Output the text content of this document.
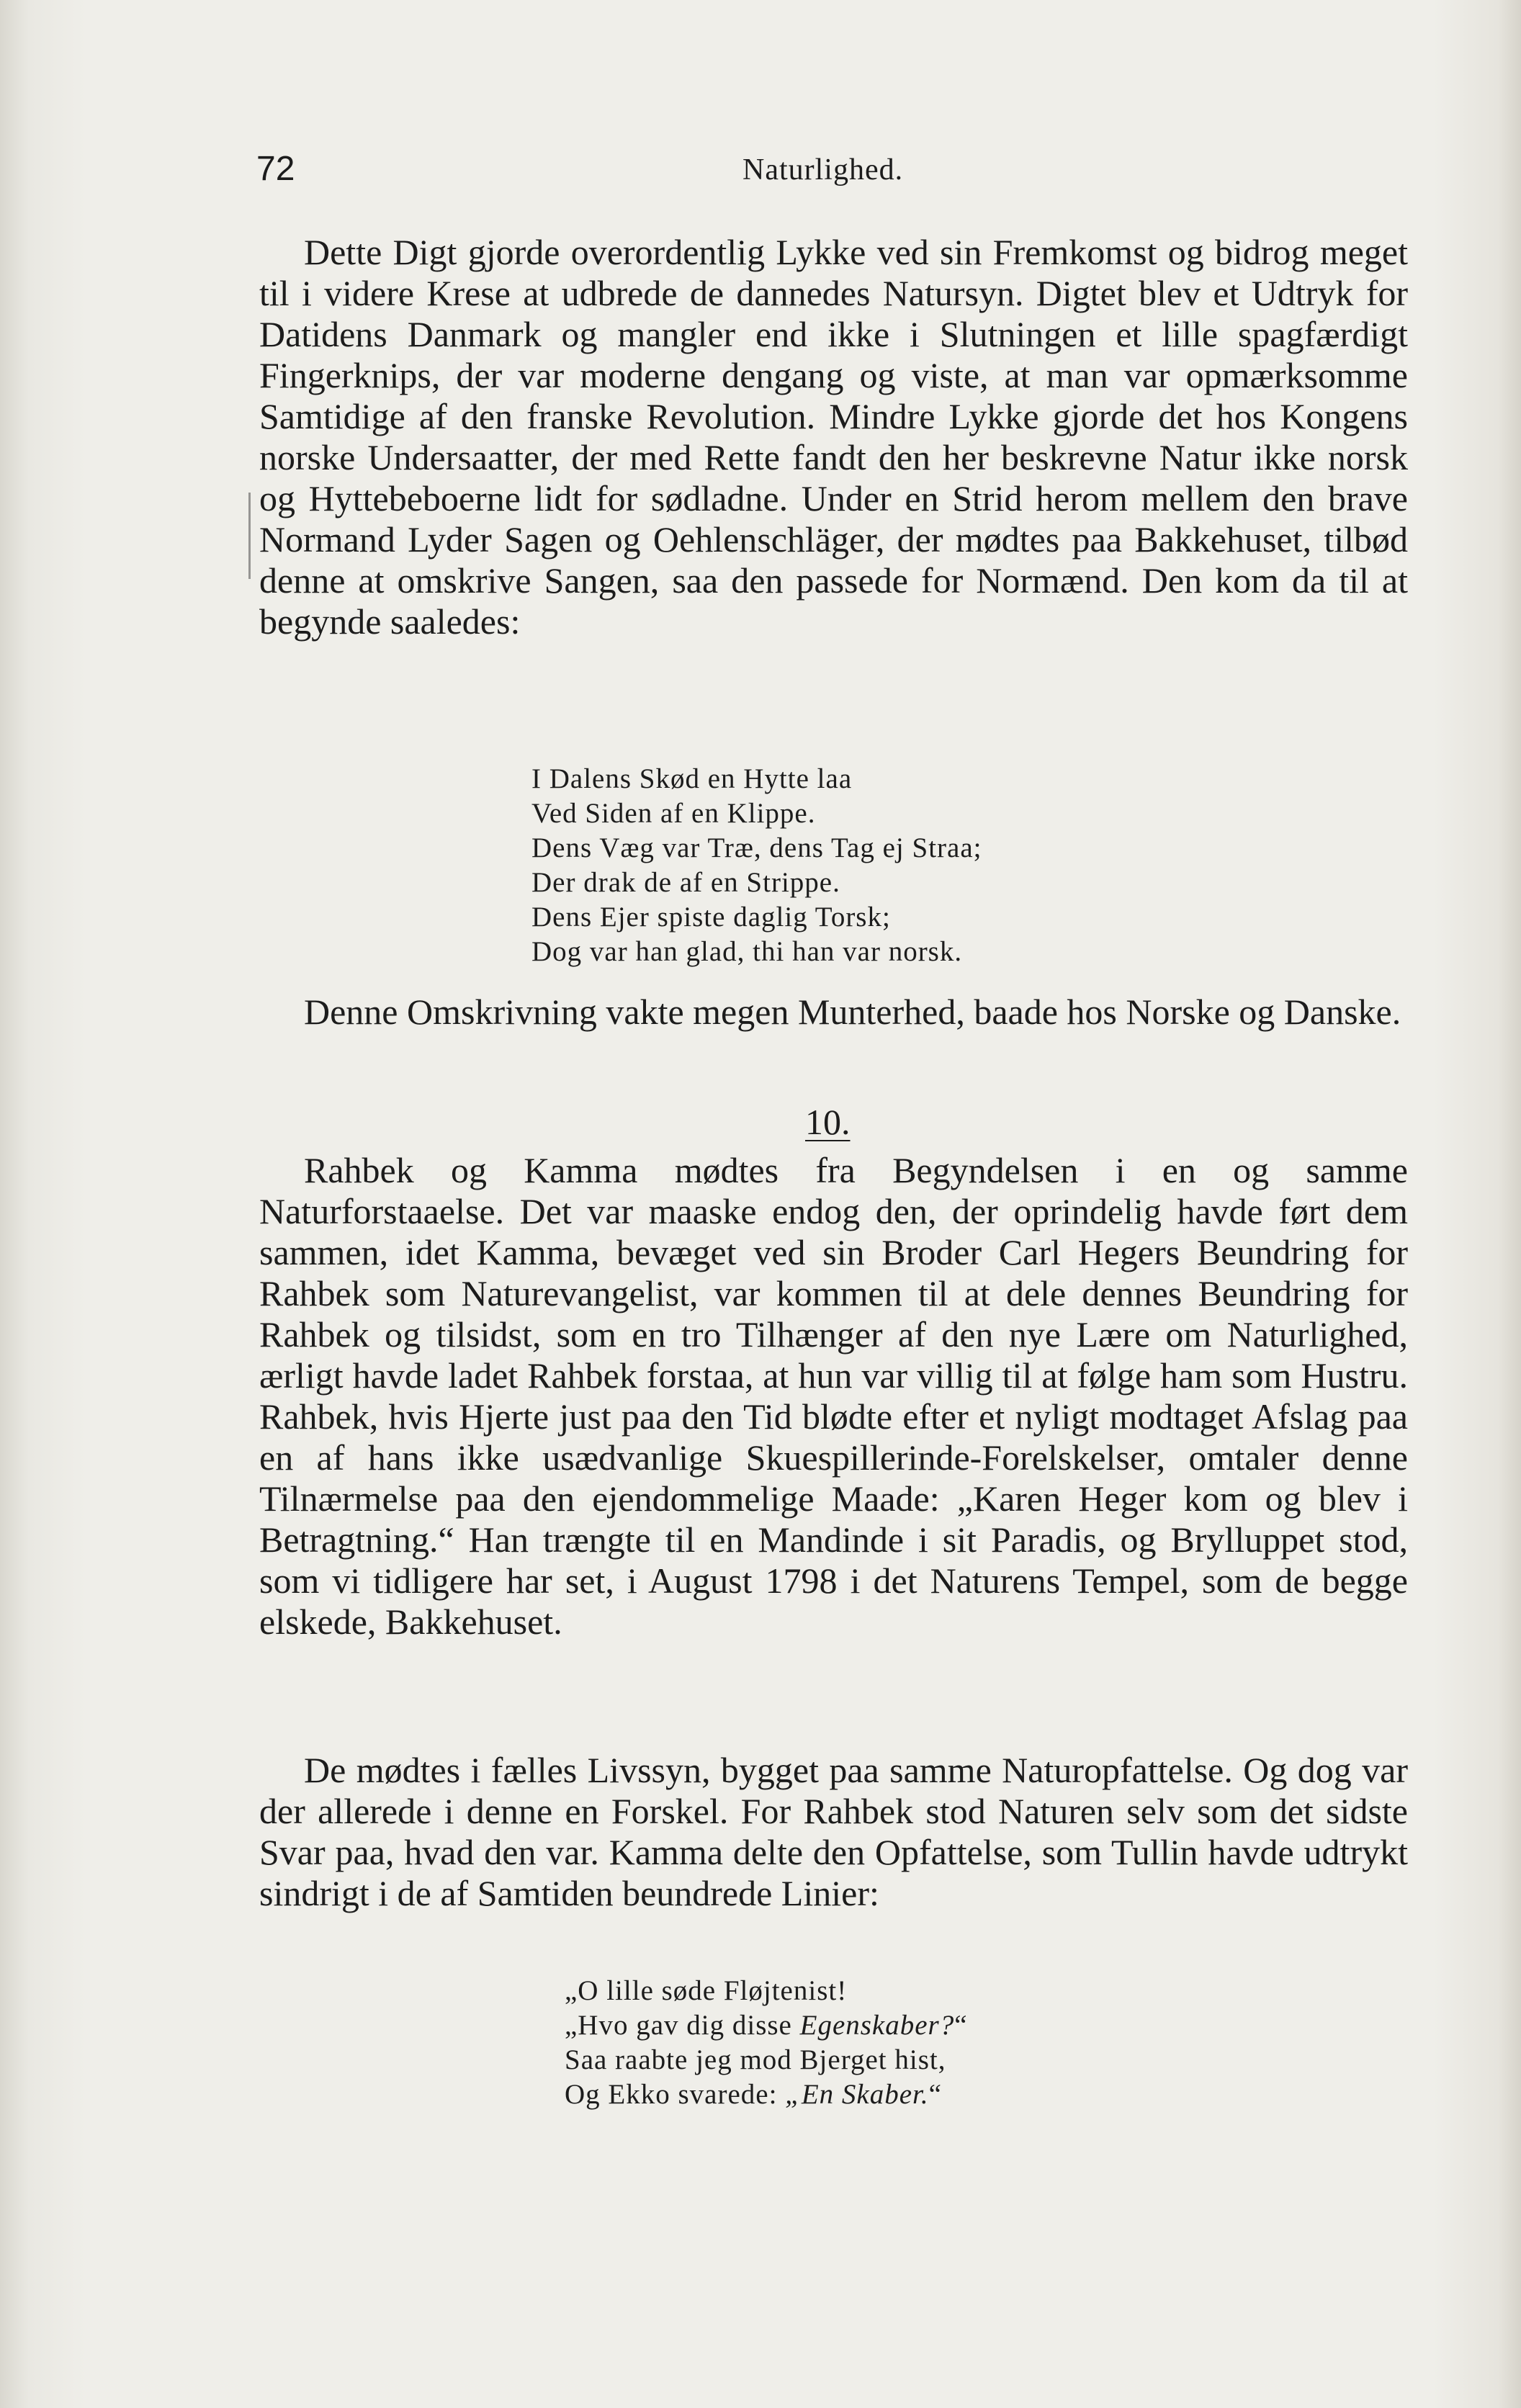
72	Naturlighed.

Dette Digt gjorde overordentlig Lykke ved sin Fremkomst og bidrog meget til i videre Krese at udbrede de dannedes Natursyn. Digtet blev et Udtryk for Datidens Danmark og mangler end ikke i Slutningen et lille spagfærdigt Fingerknips, der var moderne dengang og viste, at man var opmærksomme Samtidige af den franske Revolution. Mindre Lykke gjorde det hos Kongens norske Undersaatter, der med Rette fandt den her beskrevne Natur ikke norsk og Hyttebeboerne lidt for sødladne. Under en Strid herom mellem den brave Normand Lyder Sagen og Oehlenschläger, der mødtes paa Bakkehuset, tilbød denne at omskrive Sangen, saa den passede for Normænd. Den kom da til at begynde saaledes:

I Dalens Skød en Hytte laa
Ved Siden af en Klippe.
Dens Væg var Træ, dens Tag ej Straa;
Der drak de af en Strippe.
Dens Ejer spiste daglig Torsk;
Dog var han glad, thi han var norsk.

Denne Omskrivning vakte megen Munterhed, baade hos Norske og Danske.

10.

Rahbek og Kamma mødtes fra Begyndelsen i en og samme Naturforstaaelse. Det var maaske endog den, der oprindelig havde ført dem sammen, idet Kamma, bevæget ved sin Broder Carl Hegers Beundring for Rahbek som Naturevangelist, var kommen til at dele dennes Beundring for Rahbek og tilsidst, som en tro Tilhænger af den nye Lære om Naturlighed, ærligt havde ladet Rahbek forstaa, at hun var villig til at følge ham som Hustru. Rahbek, hvis Hjerte just paa den Tid blødte efter et nyligt modtaget Afslag paa en af hans ikke usædvanlige Skuespillerinde-Forelskelser, omtaler denne Tilnærmelse paa den ejendommelige Maade: „Karen Heger kom og blev i Betragtning.“ Han trængte til en Mandinde i sit Paradis, og Brylluppet stod, som vi tidligere har set, i August 1798 i det Naturens Tempel, som de begge elskede, Bakkehuset.

De mødtes i fælles Livssyn, bygget paa samme Naturopfattelse. Og dog var der allerede i denne en Forskel. For Rahbek stod Naturen selv som det sidste Svar paa, hvad den var. Kamma delte den Opfattelse, som Tullin havde udtrykt sindrigt i de af Samtiden beundrede Linier:

„O lille søde Fløjtenist!
„Hvo gav dig disse Egenskaber?“
Saa raabte jeg mod Bjerget hist,
Og Ekko svarede: „En Skaber.“
